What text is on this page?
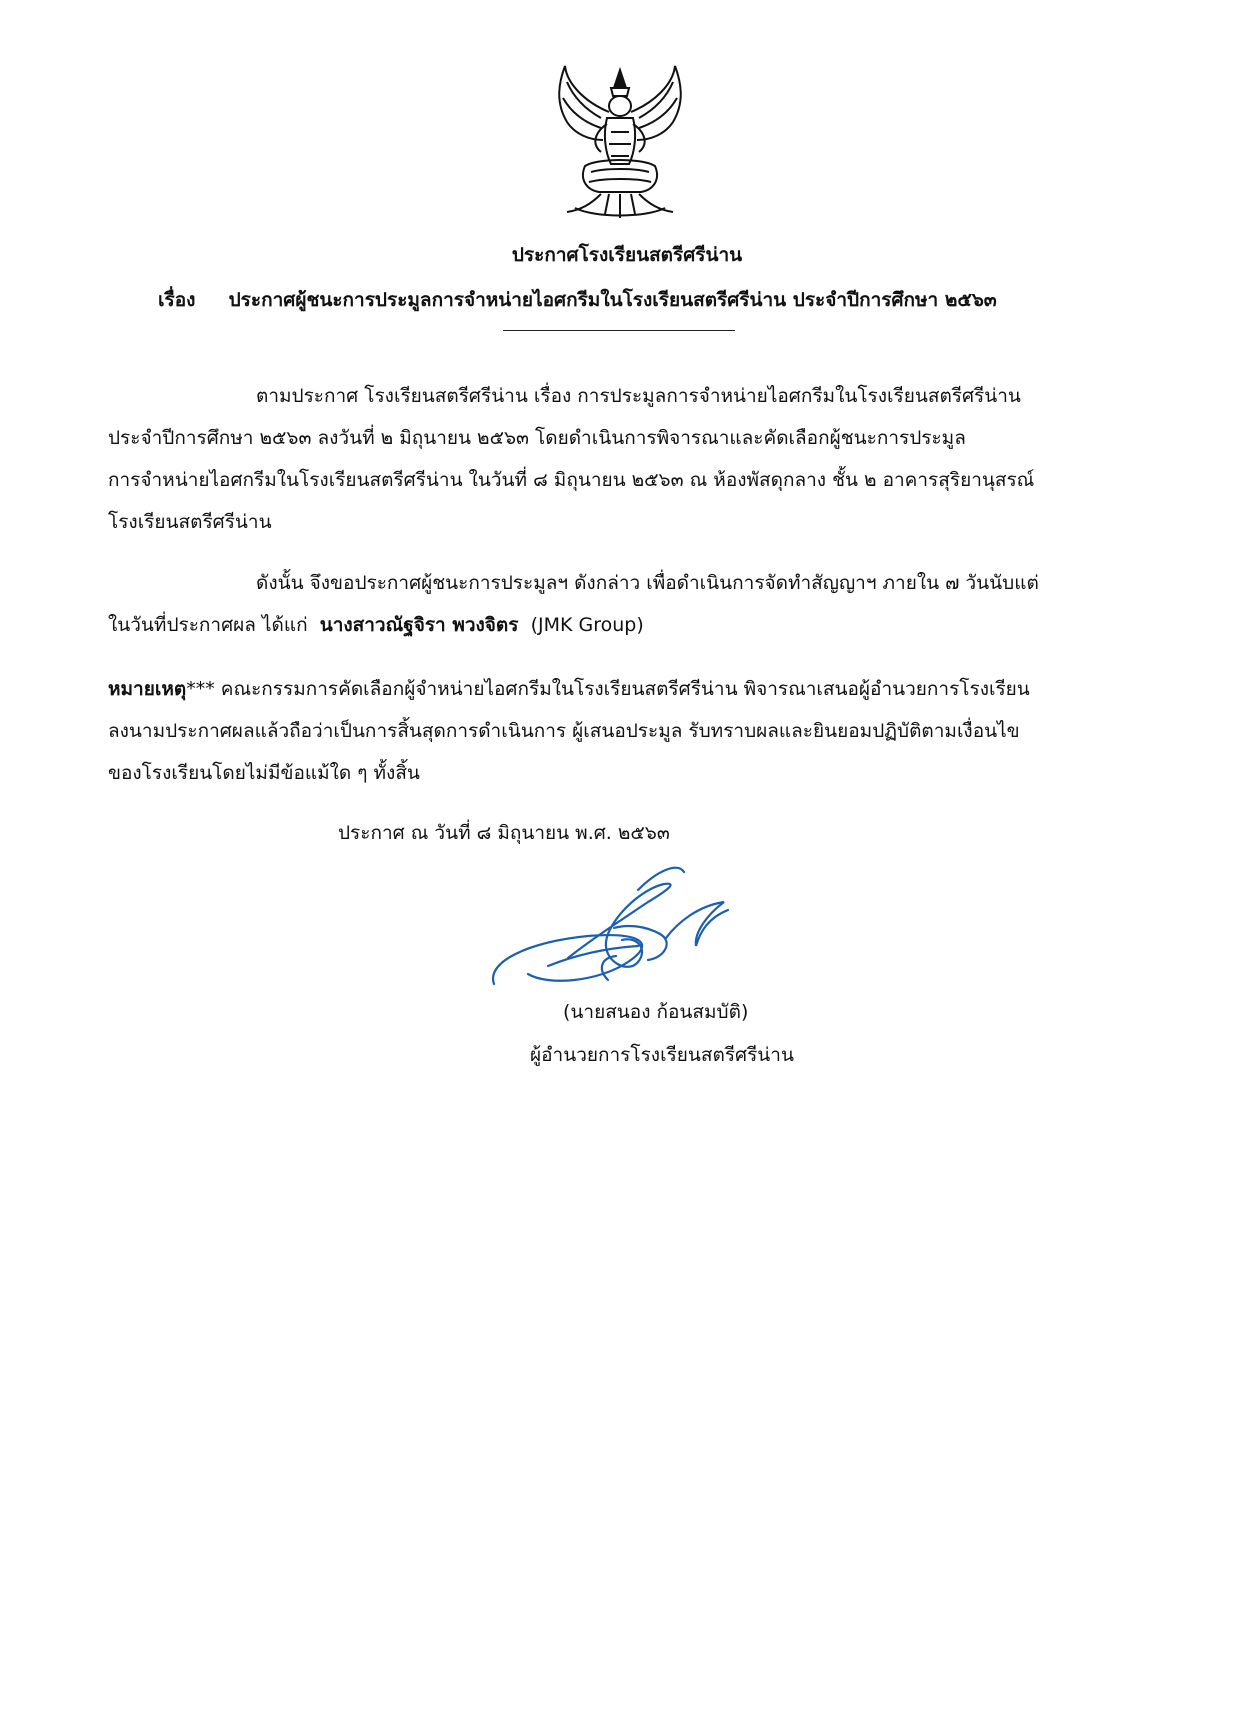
ประกาศโรงเรียนสตรีศรีน่าน
เรื่อง ประกาศผู้ชนะการประมูลการจำหน่ายไอศกรีมในโรงเรียนสตรีศรีน่าน ประจำปีการศึกษา ๒๕๖๓
ตามประกาศ โรงเรียนสตรีศรีน่าน เรื่อง การประมูลการจำหน่ายไอศกรีมในโรงเรียนสตรีศรีน่าน
ประจำปีการศึกษา ๒๕๖๓ ลงวันที่ ๒ มิถุนายน ๒๕๖๓ โดยดำเนินการพิจารณาและคัดเลือกผู้ชนะการประมูล
การจำหน่ายไอศกรีมในโรงเรียนสตรีศรีน่าน ในวันที่ ๘ มิถุนายน ๒๕๖๓ ณ ห้องพัสดุกลาง ชั้น ๒ อาคารสุริยานุสรณ์
โรงเรียนสตรีศรีน่าน
ดังนั้น จึงขอประกาศผู้ชนะการประมูลฯ ดังกล่าว เพื่อดำเนินการจัดทำสัญญาฯ ภายใน ๗ วันนับแต่
ในวันที่ประกาศผล ได้แก่ นางสาวณัฐจิรา พวงจิตร (JMK Group)
หมายเหตุ*** คณะกรรมการคัดเลือกผู้จำหน่ายไอศกรีมในโรงเรียนสตรีศรีน่าน พิจารณาเสนอผู้อำนวยการโรงเรียน
ลงนามประกาศผลแล้วถือว่าเป็นการสิ้นสุดการดำเนินการ ผู้เสนอประมูล รับทราบผลและยินยอมปฏิบัติตามเงื่อนไข
ของโรงเรียนโดยไม่มีข้อแม้ใด ๆ ทั้งสิ้น
ประกาศ ณ วันที่ ๘ มิถุนายน พ.ศ. ๒๕๖๓
(นายสนอง ก้อนสมบัติ)
ผู้อำนวยการโรงเรียนสตรีศรีน่าน
